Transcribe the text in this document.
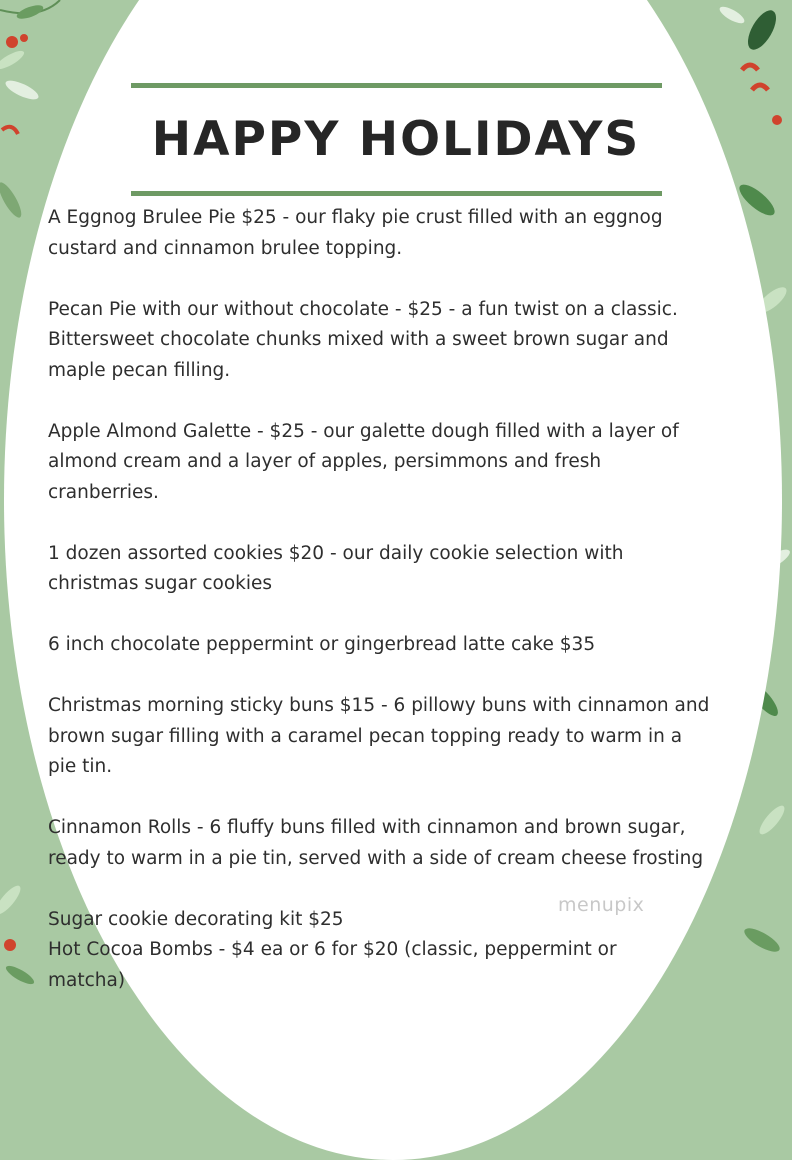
HAPPY HOLIDAYS

A Eggnog Brulee Pie $25 - our flaky pie crust filled with an eggnog
custard and cinnamon brulee topping.

Pecan Pie with our without chocolate - $25 - a fun twist on a classic.
Bittersweet chocolate chunks mixed with a sweet brown sugar and
maple pecan filling.

Apple Almond Galette - $25 - our galette dough filled with a layer of
almond cream and a layer of apples, persimmons and fresh
cranberries.

1 dozen assorted cookies $20 - our daily cookie selection with
christmas sugar cookies

6 inch chocolate peppermint or gingerbread latte cake $35

Christmas morning sticky buns $15 - 6 pillowy buns with cinnamon and
brown sugar filling with a caramel pecan topping ready to warm in a
pie tin.

Cinnamon Rolls - 6 fluffy buns filled with cinnamon and brown sugar,
ready to warm in a pie tin, served with a side of cream cheese frosting

Sugar cookie decorating kit $25
Hot Cocoa Bombs - $4 ea or 6 for $20 (classic, peppermint or
matcha)

menupix
